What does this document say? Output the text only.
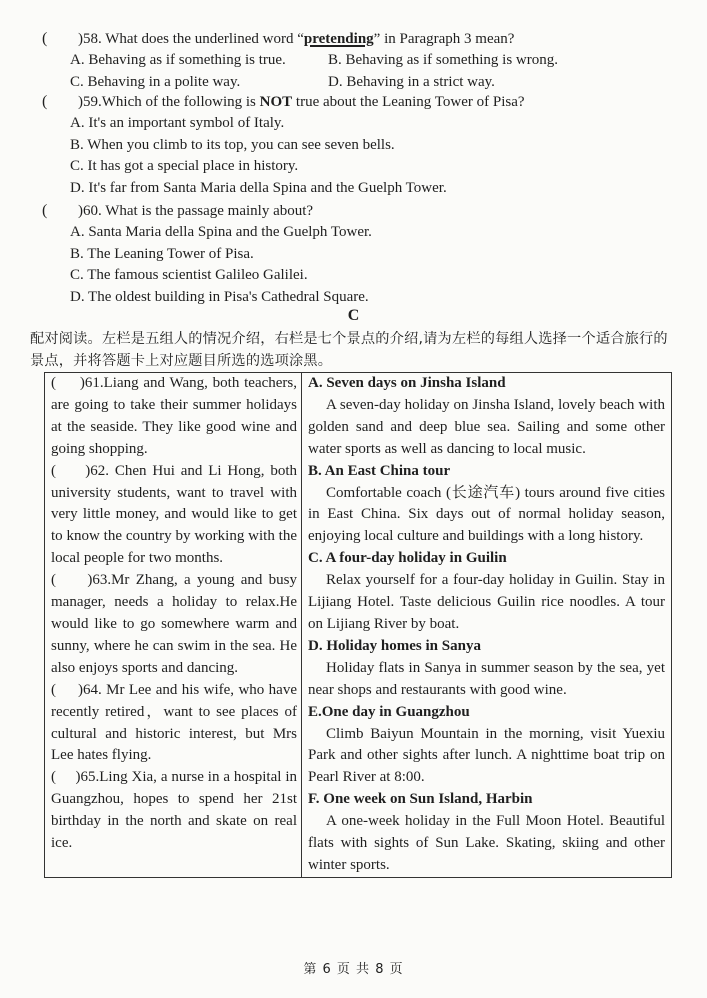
( )58. What does the underlined word “pretending” in Paragraph 3 mean?
A. Behaving as if something is true.	B. Behaving as if something is wrong.
C. Behaving in a polite way.	D. Behaving in a strict way.
( )59.Which of the following is NOT true about the Leaning Tower of Pisa?
A. It's an important symbol of Italy.
B. When you climb to its top, you can see seven bells.
C. It has got a special place in history.
D. It's far from Santa Maria della Spina and the Guelph Tower.
( )60. What is the passage mainly about?
A. Santa Maria della Spina and the Guelph Tower.
B. The Leaning Tower of Pisa.
C. The famous scientist Galileo Galilei.
D. The oldest building in Pisa's Cathedral Square.
C
配对阅读。左栏是五组人的情况介绍，右栏是七个景点的介绍,请为左栏的每组人选择一个适合旅行的景点，并将答题卡上对应题目所选的选项涂黑。
(     )61.Liang and Wang, both teachers, are going to take their summer holidays at the seaside. They like good wine and going shopping.
(     )62. Chen Hui and Li Hong, both university students, want to travel with very little money, and would like to get to know the country by working with the local people for two months.
(     )63.Mr Zhang, a young and busy manager, needs a holiday to relax.He would like to go somewhere warm and sunny, where he can swim in the sea. He also enjoys sports and dancing.
(     )64. Mr Lee and his wife, who have recently retired，want to see places of cultural and historic interest, but Mrs Lee hates flying.
(     )65.Ling Xia, a nurse in a hospital in Guangzhou, hopes to spend her 21st birthday in the north and skate on real ice.

A. Seven days on Jinsha Island
A seven-day holiday on Jinsha Island, lovely beach with golden sand and deep blue sea. Sailing and some other water sports as well as dancing to local music.
B. An East China tour
Comfortable coach (长途汽车) tours around five cities in East China. Six days out of normal holiday season, enjoying local culture and buildings with a long history.
C. A four-day holiday in Guilin
Relax yourself for a four-day holiday in Guilin. Stay in Lijiang Hotel. Taste delicious Guilin rice noodles. A tour on Lijiang River by boat.
D. Holiday homes in Sanya
Holiday flats in Sanya in summer season by the sea, yet near shops and restaurants with good wine.
E.One day in Guangzhou
Climb Baiyun Mountain in the morning, visit Yuexiu Park and other sights after lunch. A nighttime boat trip on Pearl River at 8:00.
F. One week on Sun Island, Harbin
A one-week holiday in the Full Moon Hotel. Beautiful flats with sights of Sun Lake. Skating, skiing and other winter sports.
第 6 页 共 8 页
